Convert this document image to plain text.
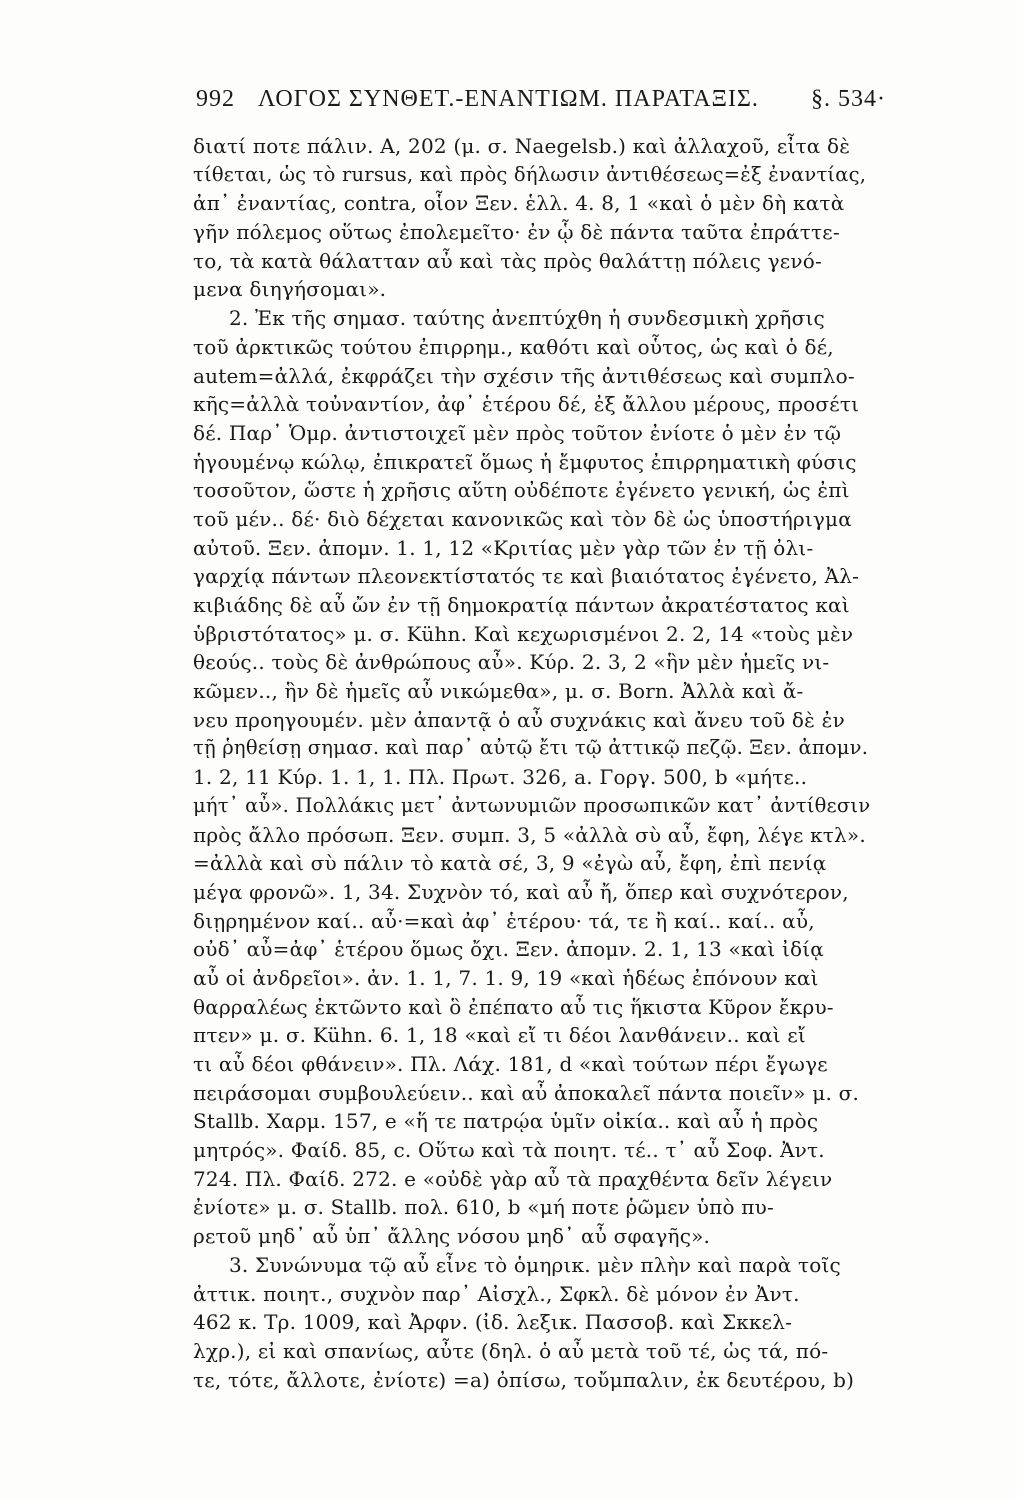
992 ΛΟΓΟΣ ΣΥΝΘΕΤ.-ΕΝΑΝΤΙΩΜ. ΠΑΡΑΤΑΞΙΣ. §. 534·
διατί ποτε πάλιν. Α, 202 (μ. σ. Naegelsb.) καὶ ἀλλαχοῦ, εἶτα δὲ
τίθεται, ὡς τὸ rursus, καὶ πρὸς δήλωσιν ἀντιθέσεως=ἐξ ἐναντίας,
ἀπ᾽ ἐναντίας, contra, οἷον Ξεν. ἑλλ. 4. 8, 1 «καὶ ὁ μὲν δὴ κατὰ
γῆν πόλεμος οὕτως ἐπολεμεῖτο· ἐν ᾧ δὲ πάντα ταῦτα ἐπράττε-
το, τὰ κατὰ θάλατταν αὖ καὶ τὰς πρὸς θαλάττῃ πόλεις γενό-
μενα διηγήσομαι».
2. Ἐκ τῆς σημασ. ταύτης ἀνεπτύχθη ἡ συνδεσμικὴ χρῆσις
τοῦ ἀρκτικῶς τούτου ἐπιρρημ., καθότι καὶ οὗτος, ὡς καὶ ὁ δέ,
autem=ἀλλά, ἐκφράζει τὴν σχέσιν τῆς ἀντιθέσεως καὶ συμπλο-
κῆς=ἀλλὰ τοὐναντίον, ἀφ᾽ ἑτέρου δέ, ἐξ ἄλλου μέρους, προσέτι
δέ. Παρ᾽ Ὁμρ. ἀντιστοιχεῖ μὲν πρὸς τοῦτον ἐνίοτε ὁ μὲν ἐν τῷ
ἡγουμένῳ κώλῳ, ἐπικρατεῖ ὅμως ἡ ἔμφυτος ἐπιρρηματικὴ φύσις
τοσοῦτον, ὥστε ἡ χρῆσις αὕτη οὐδέποτε ἐγένετο γενική, ὡς ἐπὶ
τοῦ μέν.. δέ· διὸ δέχεται κανονικῶς καὶ τὸν δὲ ὡς ὑποστήριγμα
αὐτοῦ. Ξεν. ἀπομν. 1. 1, 12 «Κριτίας μὲν γὰρ τῶν ἐν τῇ ὀλι-
γαρχίᾳ πάντων πλεονεκτίστατός τε καὶ βιαιότατος ἐγένετο, Ἀλ-
κιβιάδης δὲ αὖ ὤν ἐν τῇ δημοκρατίᾳ πάντων ἀκρατέστατος καὶ
ὑβριστότατος» μ. σ. Kühn. Καὶ κεχωρισμένοι 2. 2, 14 «τοὺς μὲν
θεούς.. τοὺς δὲ ἀνθρώπους αὖ». Κύρ. 2. 3, 2 «ἣν μὲν ἡμεῖς νι-
κῶμεν.., ἣν δὲ ἡμεῖς αὖ νικώμεθα», μ. σ. Born. Ἀλλὰ καὶ ἄ-
νευ προηγουμέν. μὲν ἀπαντᾷ ὁ αὖ συχνάκις καὶ ἄνευ τοῦ δὲ ἐν
τῇ ῥηθείσῃ σημασ. καὶ παρ᾽ αὐτῷ ἔτι τῷ ἀττικῷ πεζῷ. Ξεν. ἀπομν.
1. 2, 11 Κύρ. 1. 1, 1. Πλ. Πρωτ. 326, a. Γοργ. 500, b «μήτε..
μήτ᾽ αὖ». Πολλάκις μετ᾽ ἀντωνυμιῶν προσωπικῶν κατ᾽ ἀντίθεσιν
πρὸς ἄλλο πρόσωπ. Ξεν. συμπ. 3, 5 «ἀλλὰ σὺ αὖ, ἔφη, λέγε κτλ».
=ἀλλὰ καὶ σὺ πάλιν τὸ κατὰ σέ, 3, 9 «ἐγὼ αὖ, ἔφη, ἐπὶ πενίᾳ
μέγα φρονῶ». 1, 34. Συχνὸν τό, καὶ αὖ ἤ, ὅπερ καὶ συχνότερον,
διῃρημένον καί.. αὖ·=καὶ ἀφ᾽ ἑτέρου· τά, τε ἢ καί.. καί.. αὖ,
οὐδ᾽ αὖ=ἀφ᾽ ἑτέρου ὅμως ὄχι. Ξεν. ἀπομν. 2. 1, 13 «καὶ ἰδίᾳ
αὖ οἱ ἀνδρεῖοι». ἀν. 1. 1, 7. 1. 9, 19 «καὶ ἡδέως ἐπόνουν καὶ
θαρραλέως ἐκτῶντο καὶ ὃ ἐπέπατο αὖ τις ἥκιστα Κῦρον ἔκρυ-
πτεν» μ. σ. Kühn. 6. 1, 18 «καὶ εἴ τι δέοι λανθάνειν.. καὶ εἴ
τι αὖ δέοι φθάνειν». Πλ. Λάχ. 181, d «καὶ τούτων πέρι ἔγωγε
πειράσομαι συμβουλεύειν.. καὶ αὖ ἀποκαλεῖ πάντα ποιεῖν» μ. σ.
Stallb. Χαρμ. 157, e «ἥ τε πατρῴα ὑμῖν οἰκία.. καὶ αὖ ἡ πρὸς
μητρός». Φαίδ. 85, c. Οὕτω καὶ τὰ ποιητ. τέ.. τ᾽ αὖ Σοφ. Ἀντ.
724. Πλ. Φαίδ. 272. e «οὐδὲ γὰρ αὖ τὰ πραχθέντα δεῖν λέγειν
ἐνίοτε» μ. σ. Stallb. πολ. 610, b «μή ποτε ῥῶμεν ὑπὸ πυ-
ρετοῦ μηδ᾽ αὖ ὑπ᾽ ἄλλης νόσου μηδ᾽ αὖ σφαγῆς».
3. Συνώνυμα τῷ αὖ εἶνε τὸ ὁμηρικ. μὲν πλὴν καὶ παρὰ τοῖς
ἀττικ. ποιητ., συχνὸν παρ᾽ Αἰσχλ., Σφκλ. δὲ μόνον ἐν Ἀντ.
462 κ. Τρ. 1009, καὶ Ἀρφν. (ἰδ. λεξικ. Πασσοβ. καὶ Σκκελ-
λχρ.), εἰ καὶ σπανίως, αὖτε (δηλ. ὁ αὖ μετὰ τοῦ τέ, ὡς τά, πό-
τε, τότε, ἄλλοτε, ἐνίοτε) =a) ὀπίσω, τοὔμπαλιν, ἐκ δευτέρου, b)
